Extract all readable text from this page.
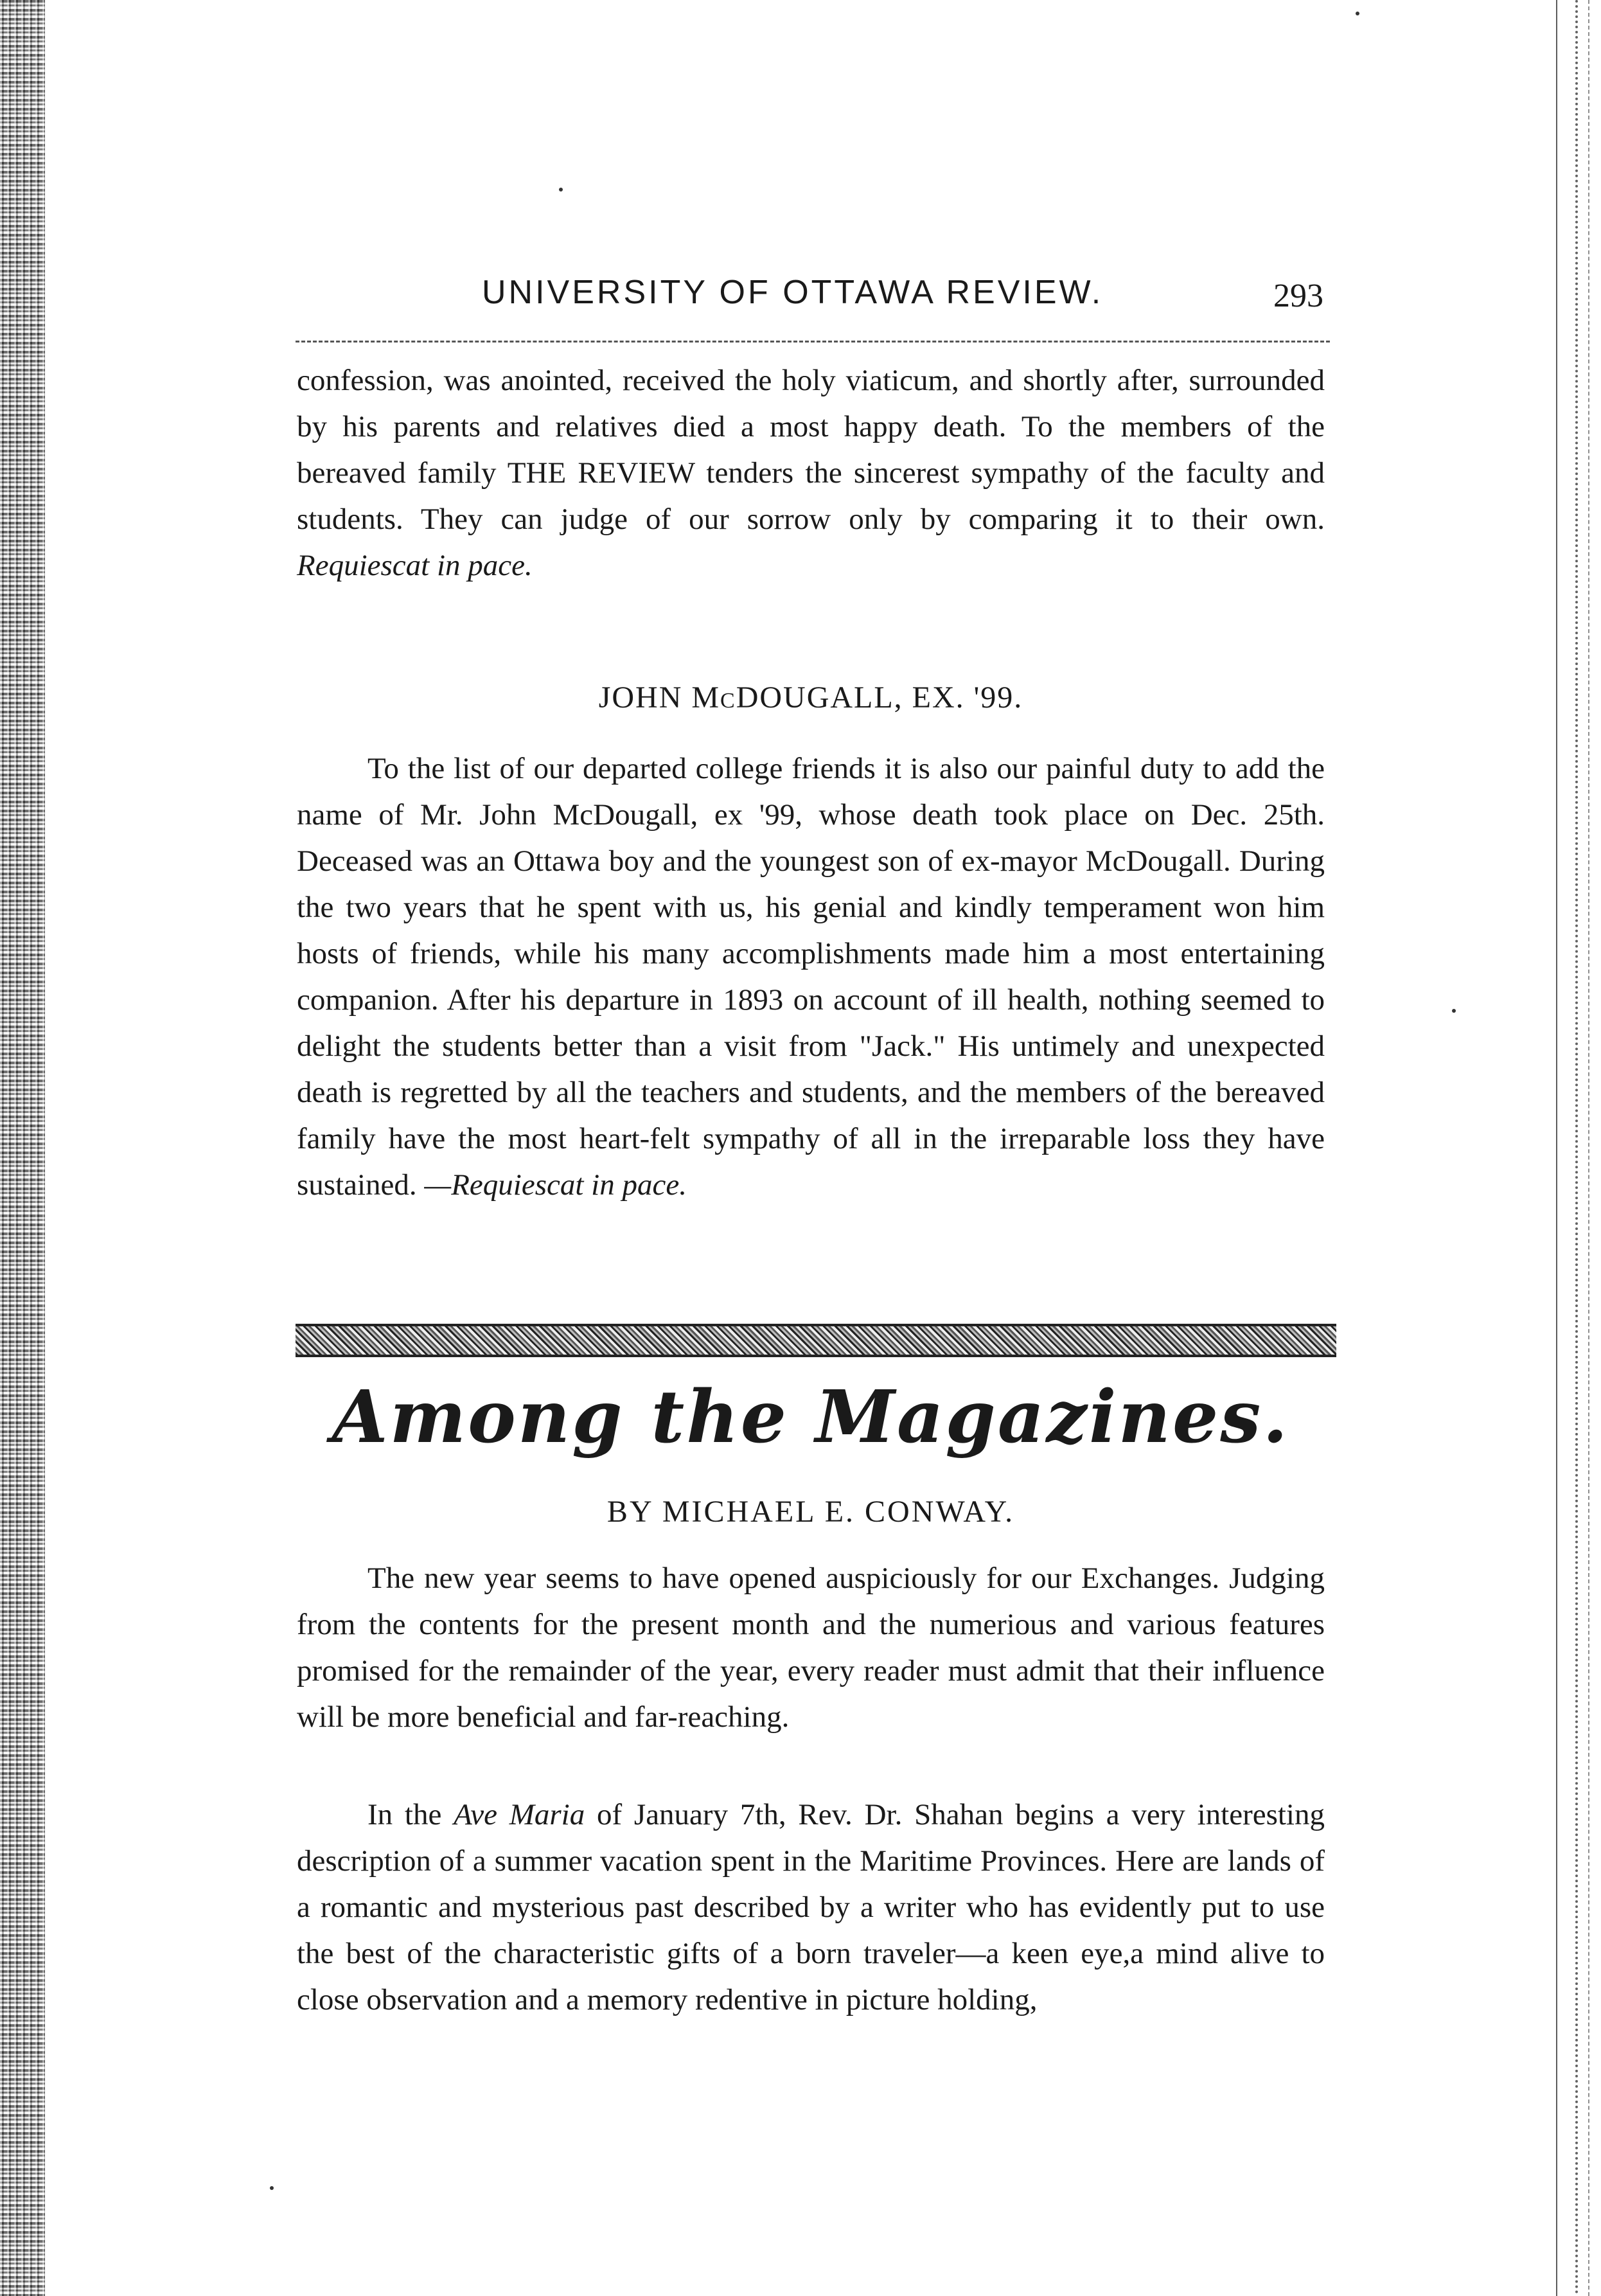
UNIVERSITY OF OTTAWA REVIEW.	293

confession, was anointed, received the holy viaticum, and shortly after, surrounded by his parents and relatives died a most happy death. To the members of the bereaved family THE REVIEW tenders the sincerest sympathy of the faculty and students. They can judge of our sorrow only by comparing it to their own. Requiescat in pace.

JOHN McDOUGALL, EX. '99.

To the list of our departed college friends it is also our painful duty to add the name of Mr. John McDougall, ex '99, whose death took place on Dec. 25th. Deceased was an Ottawa boy and the youngest son of ex-mayor McDougall. During the two years that he spent with us, his genial and kindly temperament won him hosts of friends, while his many accomplishments made him a most entertaining companion. After his departure in 1893 on account of ill health, nothing seemed to delight the students better than a visit from "Jack." His untimely and unexpected death is regretted by all the teachers and students, and the members of the bereaved family have the most heart-felt sympathy of all in the irreparable loss they have sustained. —Requiescat in pace.

Among the Magazines.
BY MICHAEL E. CONWAY.

The new year seems to have opened auspiciously for our Exchanges. Judging from the contents for the present month and the numerious and various features promised for the remainder of the year, every reader must admit that their influence will be more beneficial and far-reaching.

In the Ave Maria of January 7th, Rev. Dr. Shahan begins a very interesting description of a summer vacation spent in the Maritime Provinces. Here are lands of a romantic and mysterious past described by a writer who has evidently put to use the best of the characteristic gifts of a born traveler—a keen eye,a mind alive to close observation and a memory redentive in picture holding,
